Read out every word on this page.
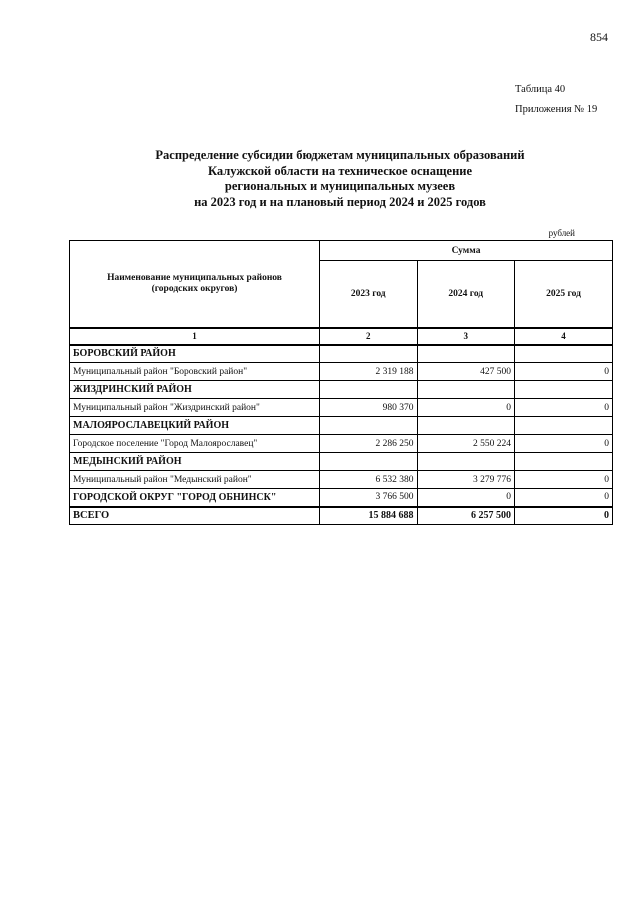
854
Таблица 40
Приложения № 19
Распределение субсидии бюджетам муниципальных образований
Калужской области на техническое оснащение
региональных и муниципальных музеев
на 2023 год и на плановый период 2024 и 2025 годов
рублей
Наименование муниципальных районов
(городских округов)	Сумма		
	2023 год	2024 год	2025 год
1	2	3	4
БОРОВСКИЙ РАЙОН			
Муниципальный район "Боровский район"	2 319 188	427 500	0
ЖИЗДРИНСКИЙ РАЙОН			
Муниципальный район "Жиздринский район"	980 370	0	0
МАЛОЯРОСЛАВЕЦКИЙ РАЙОН			
Городское поселение "Город Малоярославец"	2 286 250	2 550 224	0
МЕДЫНСКИЙ РАЙОН			
Муниципальный район "Медынский район"	6 532 380	3 279 776	0
ГОРОДСКОЙ ОКРУГ "ГОРОД ОБНИНСК"	3 766 500	0	0
ВСЕГО	15 884 688	6 257 500	0
